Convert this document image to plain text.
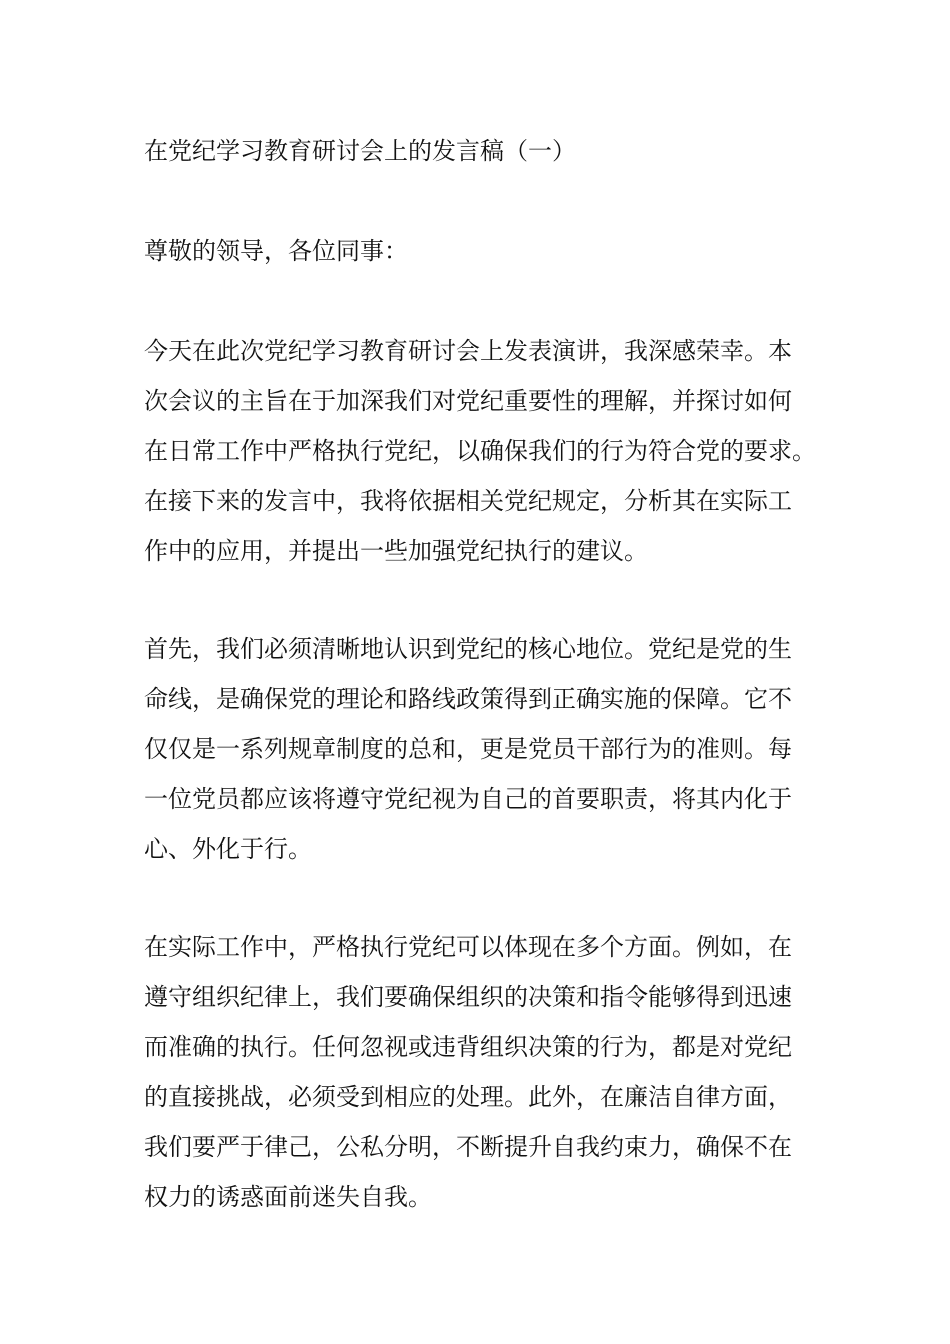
在党纪学习教育研讨会上的发言稿（一）

尊敬的领导，各位同事：

今天在此次党纪学习教育研讨会上发表演讲，我深感荣幸。本
次会议的主旨在于加深我们对党纪重要性的理解，并探讨如何
在日常工作中严格执行党纪，以确保我们的行为符合党的要求。
在接下来的发言中，我将依据相关党纪规定，分析其在实际工
作中的应用，并提出一些加强党纪执行的建议。
首先，我们必须清晰地认识到党纪的核心地位。党纪是党的生
命线，是确保党的理论和路线政策得到正确实施的保障。它不
仅仅是一系列规章制度的总和，更是党员干部行为的准则。每
一位党员都应该将遵守党纪视为自己的首要职责，将其内化于
心、外化于行。
在实际工作中，严格执行党纪可以体现在多个方面。例如，在
遵守组织纪律上，我们要确保组织的决策和指令能够得到迅速
而准确的执行。任何忽视或违背组织决策的行为，都是对党纪
的直接挑战，必须受到相应的处理。此外，在廉洁自律方面，
我们要严于律己，公私分明，不断提升自我约束力，确保不在
权力的诱惑面前迷失自我。
